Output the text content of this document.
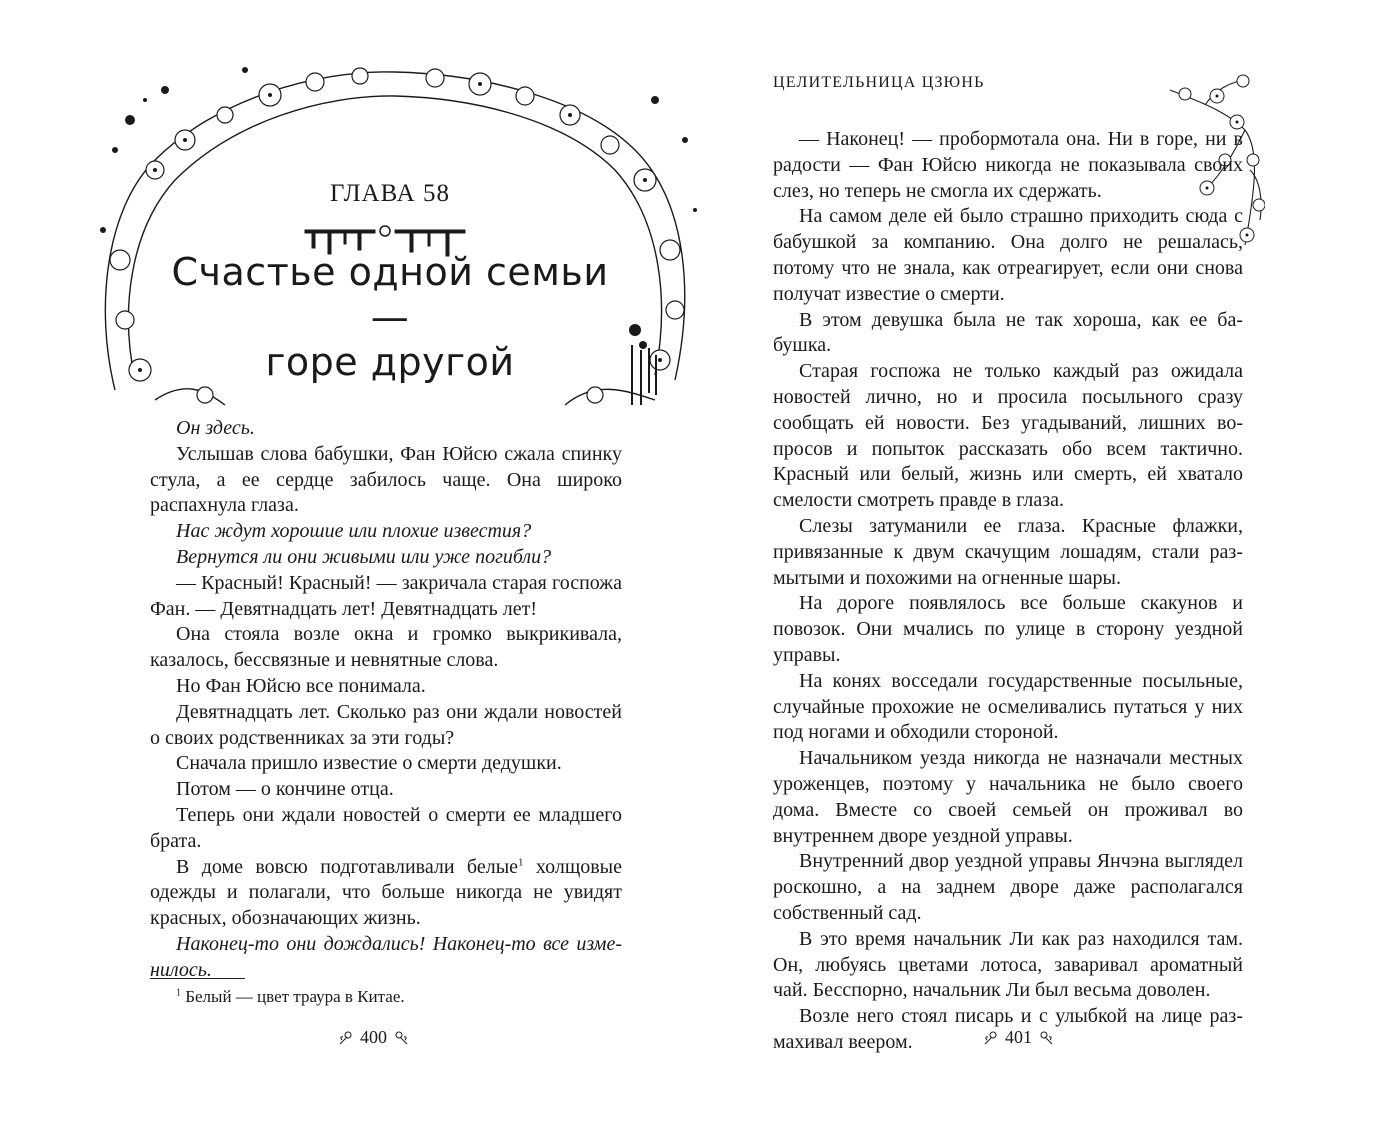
ГЛАВА 58
Счастье одной семьи —
горе другой

Он здесь.

Услышав слова бабушки, Фан Юйсю сжала спинку стула, а ее сердце забилось чаще. Она широко распахнула глаза.

Нас ждут хорошие или плохие известия?

Вернутся ли они живыми или уже погибли?

— Красный! Красный! — закричала старая госпожа Фан. — Девятнадцать лет! Девятнадцать лет!

Она стояла возле окна и громко выкрикивала, казалось, бессвязные и невнятные слова.

Но Фан Юйсю все понимала.

Девятнадцать лет. Сколько раз они ждали новостей о своих родственниках за эти годы?

Сначала пришло известие о смерти дедушки.

Потом — о кончине отца.

Теперь они ждали новостей о смерти ее младшего брата.

В доме вовсю подготавливали белые$^1$ холщовые одежды и полагали, что больше никогда не увидят красных, обозначающих жизнь.

Наконец-то они дождались! Наконец-то все изменилось.

$^1$ Белый — цвет траура в Китае.
400
ЦЕЛИТЕЛЬНИЦА ЦЗЮНЬ

— Наконец! — пробормотала она. Ни в горе, ни в радости — Фан Юйсю никогда не показывала своих слез, но теперь не смогла их сдержать.

На самом деле ей было страшно приходить сюда с бабушкой за компанию. Она долго не решалась, потому что не знала, как отреагирует, если они снова получат известие о смерти.

В этом девушка была не так хороша, как ее бабушка.

Старая госпожа не только каждый раз ожидала новостей лично, но и просила посыльного сразу сообщать ей новости. Без угадываний, лишних вопросов и попыток рассказать обо всем тактично. Красный или белый, жизнь или смерть, ей хватало смелости смотреть правде в глаза.

Слезы затуманили ее глаза. Красные флажки, привязанные к двум скачущим лошадям, стали размытыми и похожими на огненные шары.

На дороге появлялось все больше скакунов и повозок. Они мчались по улице в сторону уездной управы.

На конях восседали государственные посыльные, случайные прохожие не осмеливались путаться у них под ногами и обходили стороной.

Начальником уезда никогда не назначали местных уроженцев, поэтому у начальника не было своего дома. Вместе со своей семьей он проживал во внутреннем дворе уездной управы.

Внутренний двор уездной управы Янчэна выглядел роскошно, а на заднем дворе даже располагался собственный сад.

В это время начальник Ли как раз находился там. Он, любуясь цветами лотоса, заваривал ароматный чай. Бесспорно, начальник Ли был весьма доволен.

Возле него стоял писарь и с улыбкой на лице размахивал веером.	401
